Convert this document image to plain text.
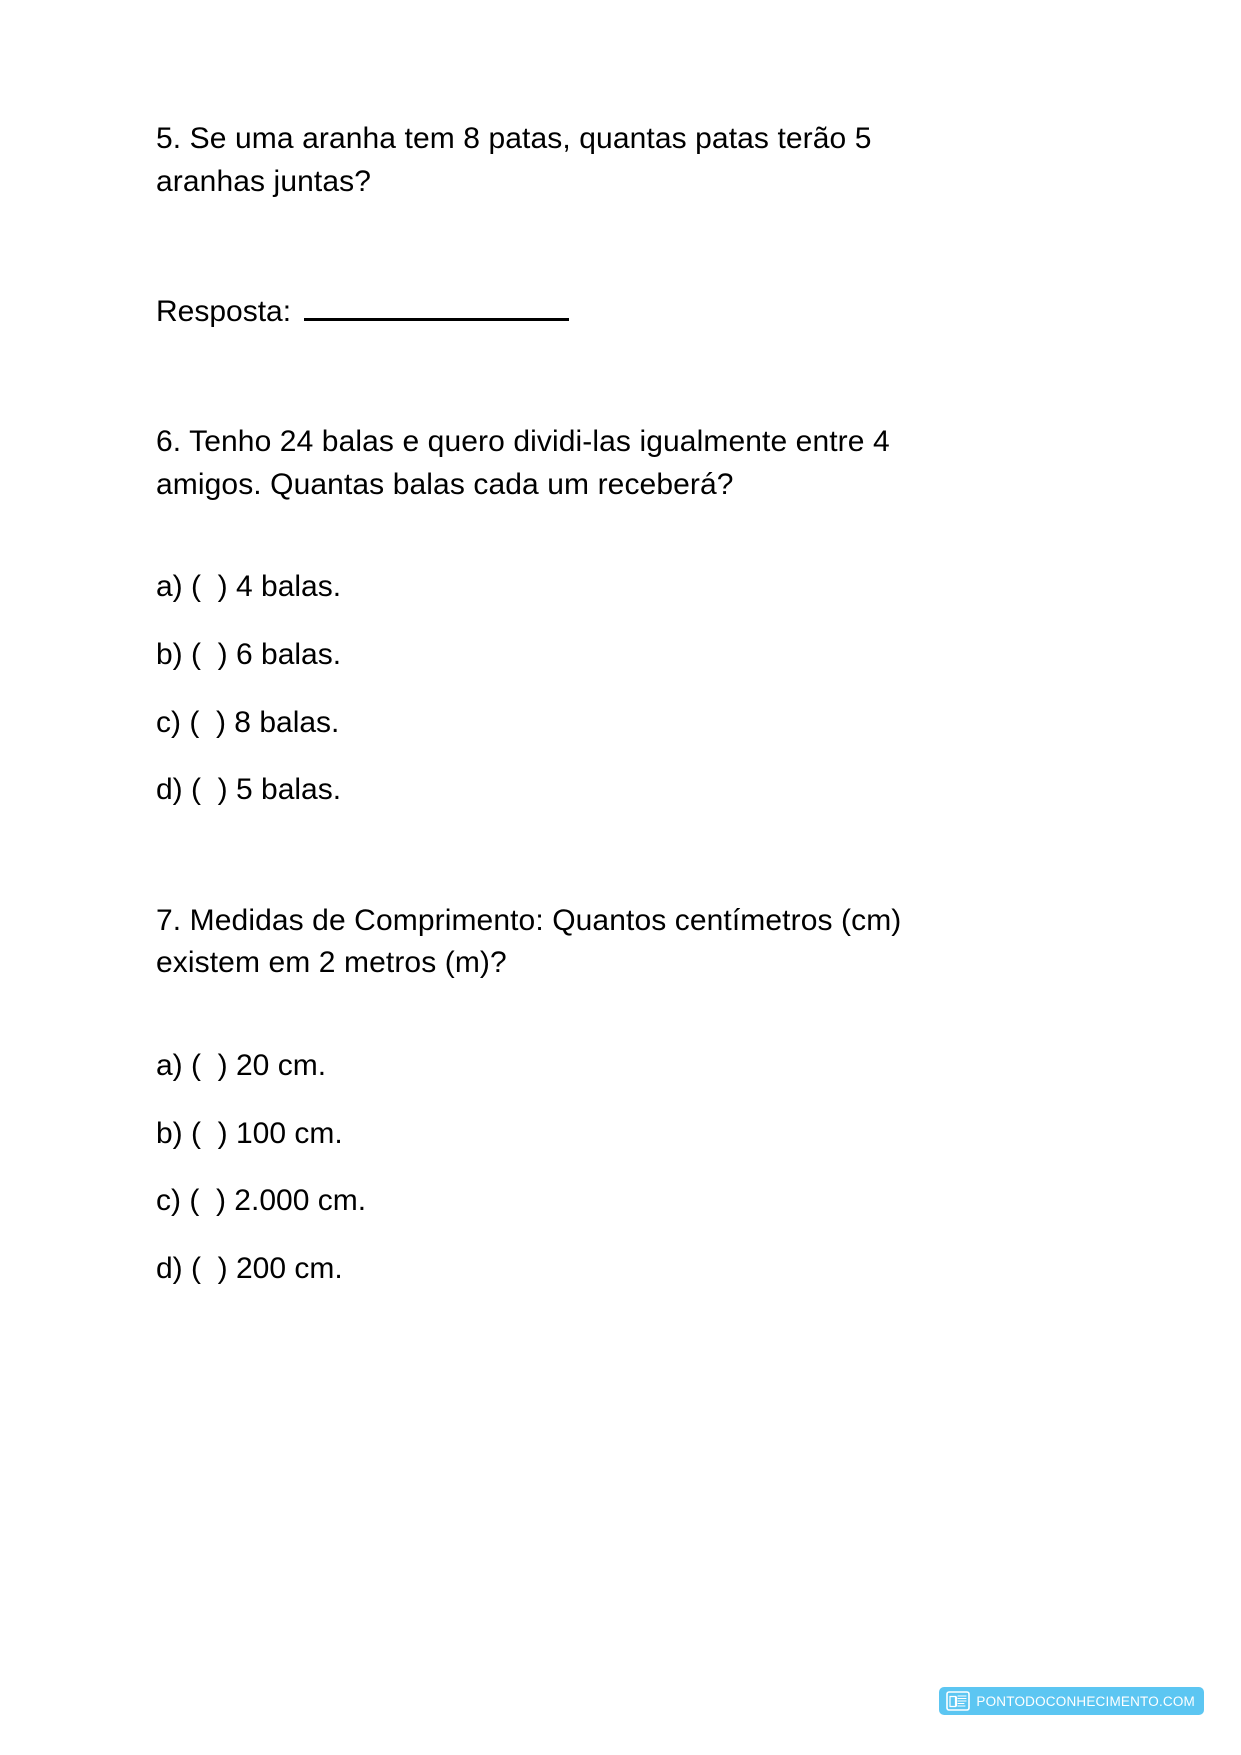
5. Se uma aranha tem 8 patas, quantas patas terão 5 aranhas juntas?

Resposta:

6. Tenho 24 balas e quero dividi-las igualmente entre 4 amigos. Quantas balas cada um receberá?

a) (  ) 4 balas.
b) (  ) 6 balas.
c) (  ) 8 balas.
d) (  ) 5 balas.

7. Medidas de Comprimento: Quantos centímetros (cm) existem em 2 metros (m)?

a) (  ) 20 cm.
b) (  ) 100 cm.
c) (  ) 2.000 cm.
d) (  ) 200 cm.
PONTODOCONHECIMENTO.COM
